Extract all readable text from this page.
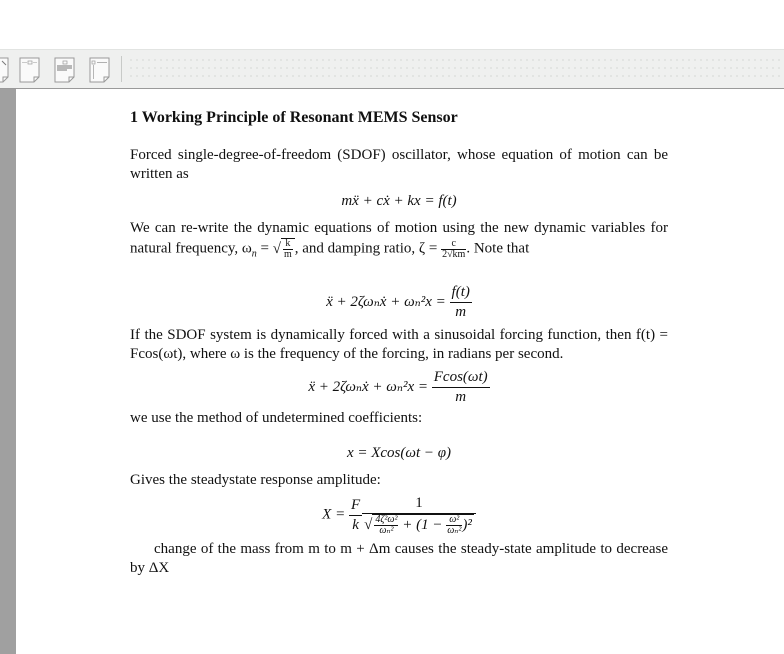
1 Working Principle of Resonant MEMS Sensor

Forced single-degree-of-freedom (SDOF) oscillator, whose equation of motion can be written as

mẍ + cẋ + kx = f(t)

We can re-write the dynamic equations of motion using the new dynamic variables for natural frequency, $\omega_n$ = √ $\frac{k}{m}$ , and damping ratio, $\zeta = \frac{c}{2√km}$ . Note that

ẍ + 2ζωₙẋ + $\omega_n^2x = \frac{f(t)}{m}$

If the SDOF system is dynamically forced with a sinusoidal forcing function, then f(t) = Fcos(ωt), where ω is the frequency of the forcing, in radians per second.

ẍ + 2ζωₙẋ + $\omega_n^2x = \frac{Fcos(\omega t)}{m}$

we use the method of undetermined coefficients:

x = Xcos(ωt − φ)

Gives the steadystate response amplitude:

$X = \frac{F}{k} \frac{1}{√ \frac{\text{4ζ²ω²}}{\text{ωₙ²}} + (1 - \frac{\text{ω²}}{\text{ωₙ²}} )^2}$

change of the mass from m to m + Δm causes the steady-state amplitude to decrease by ΔX
